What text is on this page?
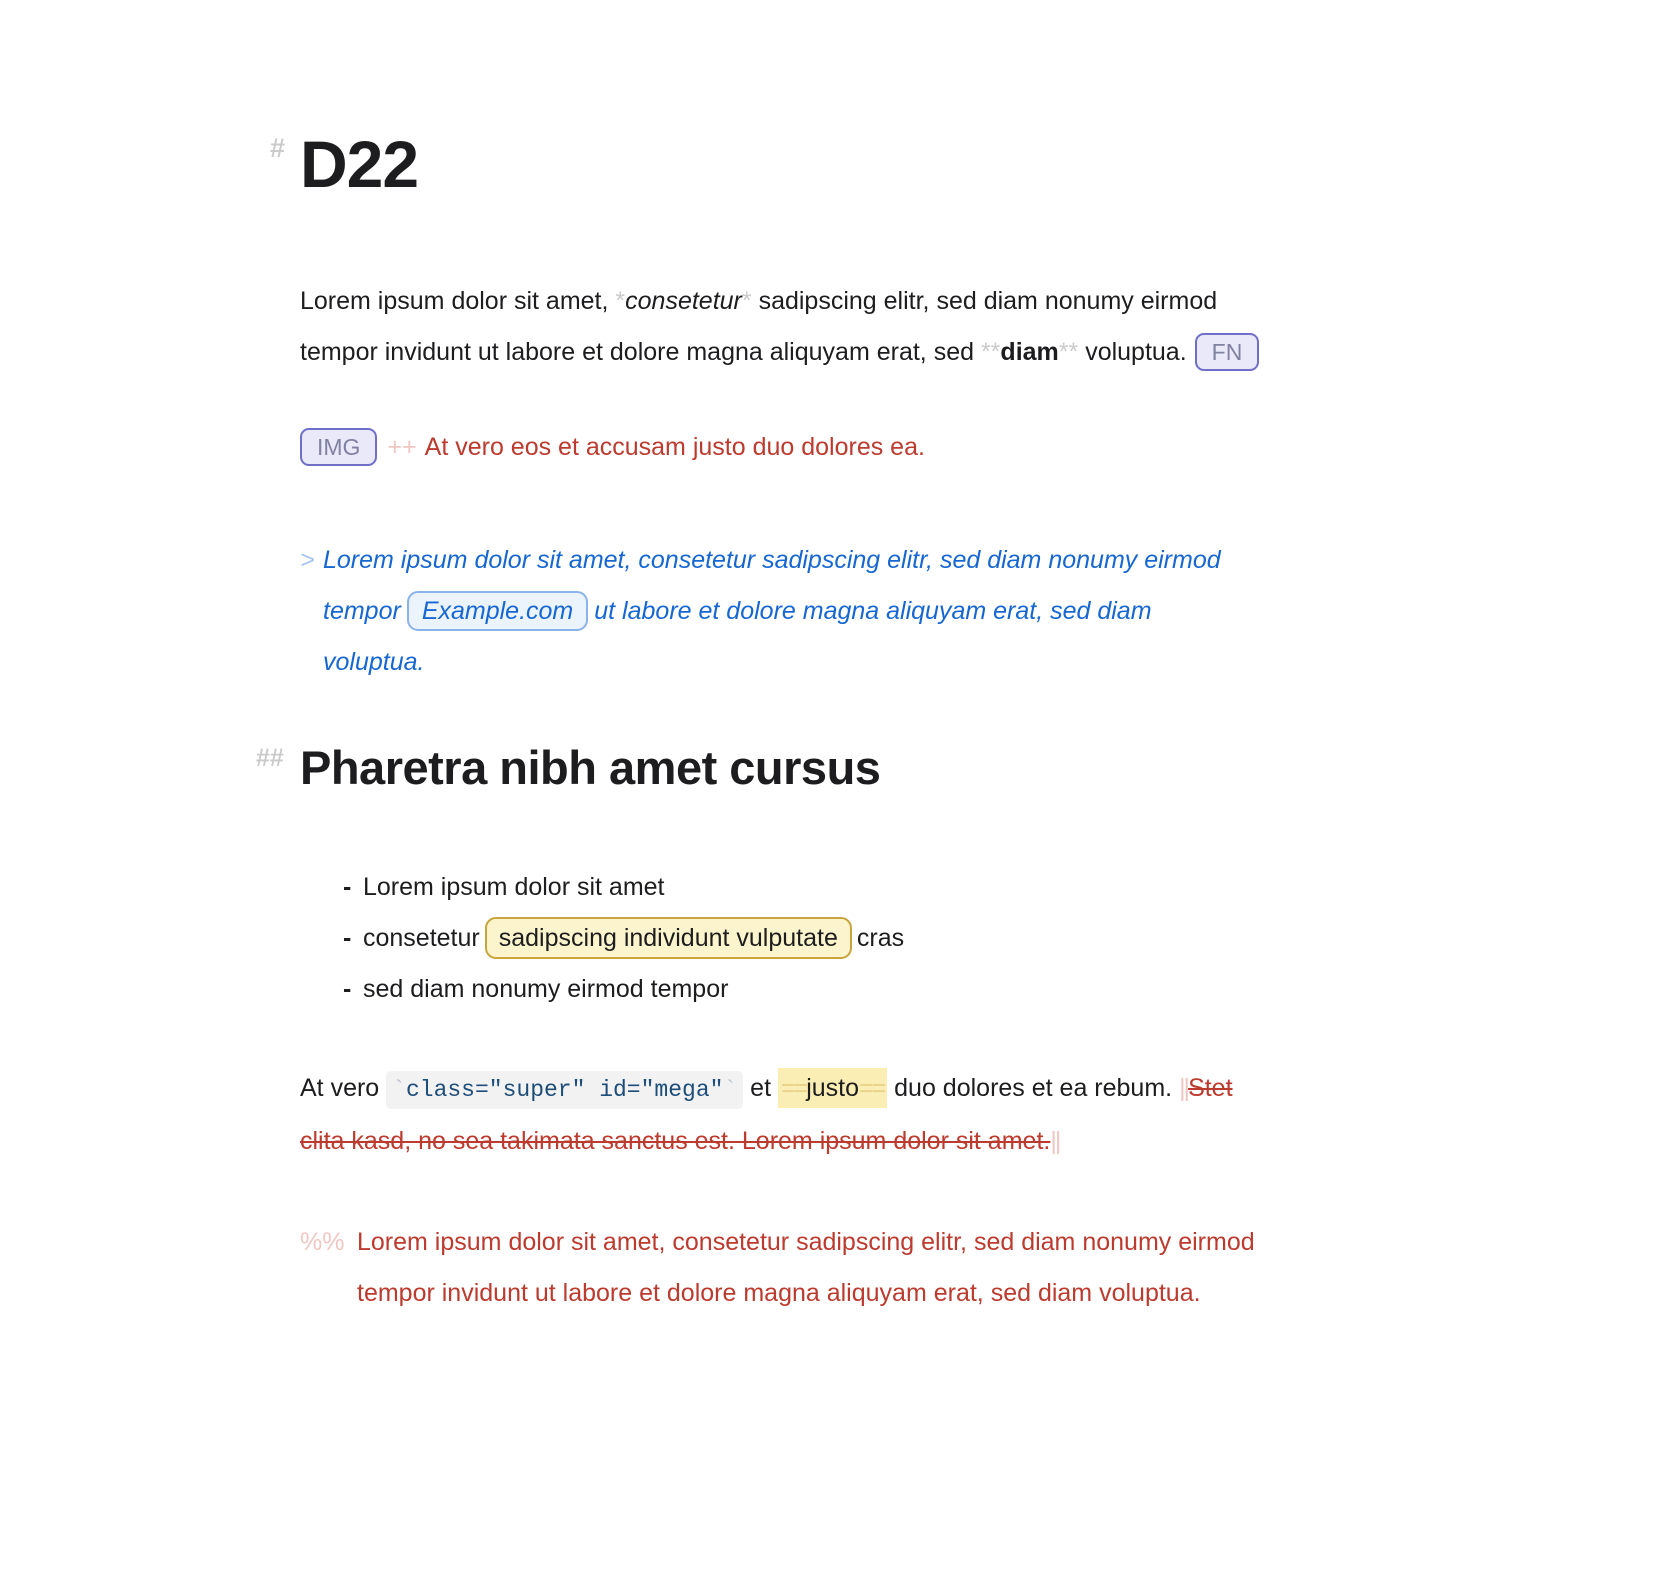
# D22

Lorem ipsum dolor sit amet, *consetetur* sadipscing elitr, sed diam nonumy eirmod tempor invidunt ut labore et dolore magna aliquyam erat, sed **diam** voluptua. FN

IMG ++ At vero eos et accusam justo duo dolores ea.

> Lorem ipsum dolor sit amet, consetetur sadipscing elitr, sed diam nonumy eirmod tempor Example.com ut labore et dolore magna aliquyam erat, sed diam voluptua.
## Pharetra nibh amet cursus
- Lorem ipsum dolor sit amet
- consetetur sadipscing individunt vulputate cras
- sed diam nonumy eirmod tempor

At vero `class="super" id="mega"` et ==justo== duo dolores et ea rebum. ||Stet clita kasd, no sea takimata sanctus est. Lorem ipsum dolor sit amet.||

%% Lorem ipsum dolor sit amet, consetetur sadipscing elitr, sed diam nonumy eirmod tempor invidunt ut labore et dolore magna aliquyam erat, sed diam voluptua.
